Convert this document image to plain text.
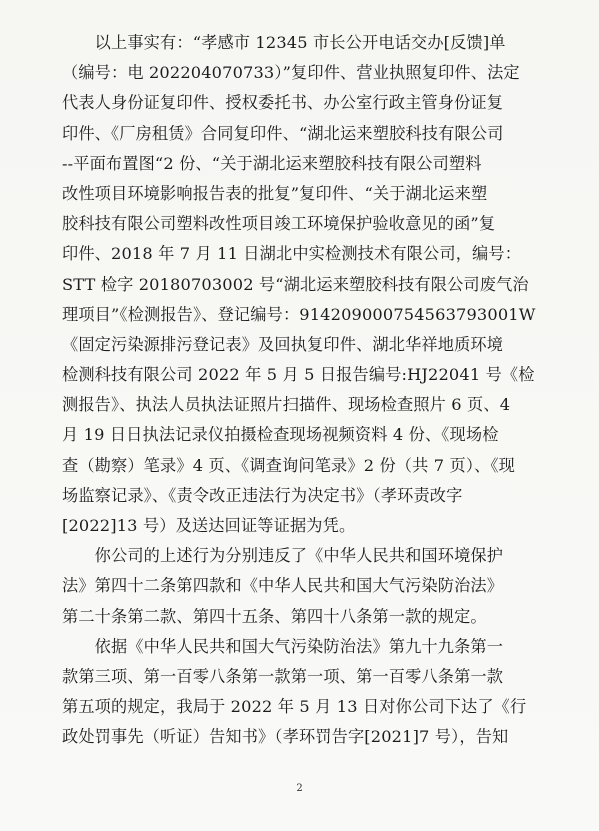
　　以上事实有：“孝感市 12345 市长公开电话交办[反馈]单
（编号：电 202204070733）”复印件、营业执照复印件、法定
代表人身份证复印件、授权委托书、办公室行政主管身份证复
印件、《厂房租赁》合同复印件、“湖北运来塑胶科技有限公司
--平面布置图“2 份、“关于湖北运来塑胶科技有限公司塑料
改性项目环境影响报告表的批复”复印件、“关于湖北运来塑
胶科技有限公司塑料改性项目竣工环境保护验收意见的函”复
印件、2018 年 7 月 11 日湖北中实检测技术有限公司，编号：
STT 检字 20180703002 号“湖北运来塑胶科技有限公司废气治
理项目”《检测报告》、登记编号：91420900075456379300​1W
《固定污染源排污登记表》及回执复印件、湖北华祥地质环境
检测科技有限公司 2022 年 5 月 5 日报告编号:HJ22041 号《检
测报告》、执法人员执法证照片扫描件、现场检查照片 6 页、4
月 19 日日执法记录仪拍摄检查现场视频资料 4 份、《现场检
查（勘察）笔录》4 页、《调查询问笔录》2 份（共 7 页）、《现
场监察记录》、《责令改正违法行为决定书》（孝环责改字
[2022]13 号）及送达回证等证据为凭。
　　你公司的上述行为分别违反了《中华人民共和国环境保护
法》第四十二条第四款和《中华人民共和国大气污染防治法》
第二十条第二款、第四十五条、第四十八条第一款的规定。
　　依据《中华人民共和国大气污染防治法》第九十九条第一
款第三项、第一百零八条第一款第一项、第一百零八条第一款
第五项的规定，我局于 2022 年 5 月 13 日对你公司下达了《行
政处罚事先（听证）告知书》（孝环罚告字[2021]7 号），告知
2
